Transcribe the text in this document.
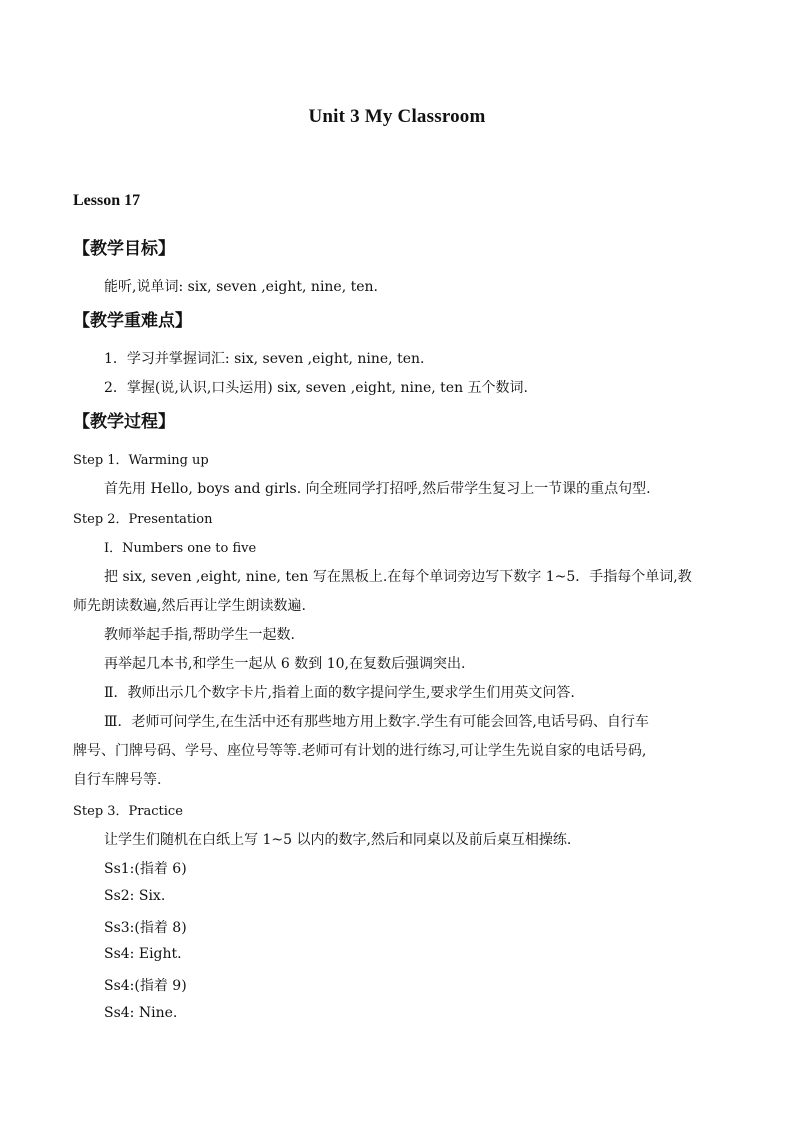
Unit 3 My Classroom
Lesson 17
【教学目标】
能听,说单词: six, seven ,eight, nine, ten.
【教学重难点】
1．学习并掌握词汇: six, seven ,eight, nine, ten.
2．掌握(说,认识,口头运用) six, seven ,eight, nine, ten 五个数词.
【教学过程】
Step 1．Warming up
首先用 Hello, boys and girls. 向全班同学打招呼,然后带学生复习上一节课的重点句型.
Step 2．Presentation
Ⅰ．Numbers one to five
把 six, seven ,eight, nine, ten 写在黑板上.在每个单词旁边写下数字 1~5．手指每个单词,教
师先朗读数遍,然后再让学生朗读数遍.
教师举起手指,帮助学生一起数.
再举起几本书,和学生一起从 6 数到 10,在复数后强调突出.
Ⅱ．教师出示几个数字卡片,指着上面的数字提问学生,要求学生们用英文问答.
Ⅲ．老师可问学生,在生活中还有那些地方用上数字.学生有可能会回答,电话号码、自行车
牌号、门牌号码、学号、座位号等等.老师可有计划的进行练习,可让学生先说自家的电话号码,
自行车牌号等.
Step 3．Practice
让学生们随机在白纸上写 1~5 以内的数字,然后和同桌以及前后桌互相操练.
Ss1:(指着 6)
Ss2: Six.
Ss3:(指着 8)
Ss4: Eight.
Ss4:(指着 9)
Ss4: Nine.
